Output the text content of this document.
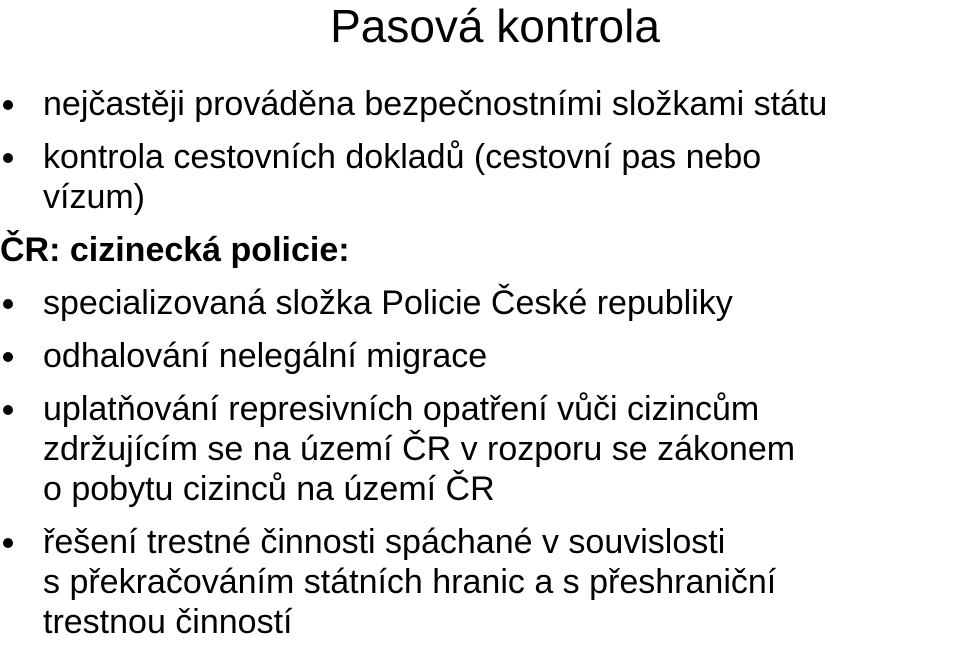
Pasová kontrola
nejčastěji prováděna bezpečnostními složkami státu
kontrola cestovních dokladů (cestovní pas nebo
vízum)
ČR: cizinecká policie:
specializovaná složka Policie České republiky
odhalování nelegální migrace
uplatňování represivních opatření vůči cizincům
zdržujícím se na území ČR v rozporu se zákonem
o pobytu cizinců na území ČR
řešení trestné činnosti spáchané v souvislosti
s překračováním státních hranic a s přeshraniční
trestnou činností
